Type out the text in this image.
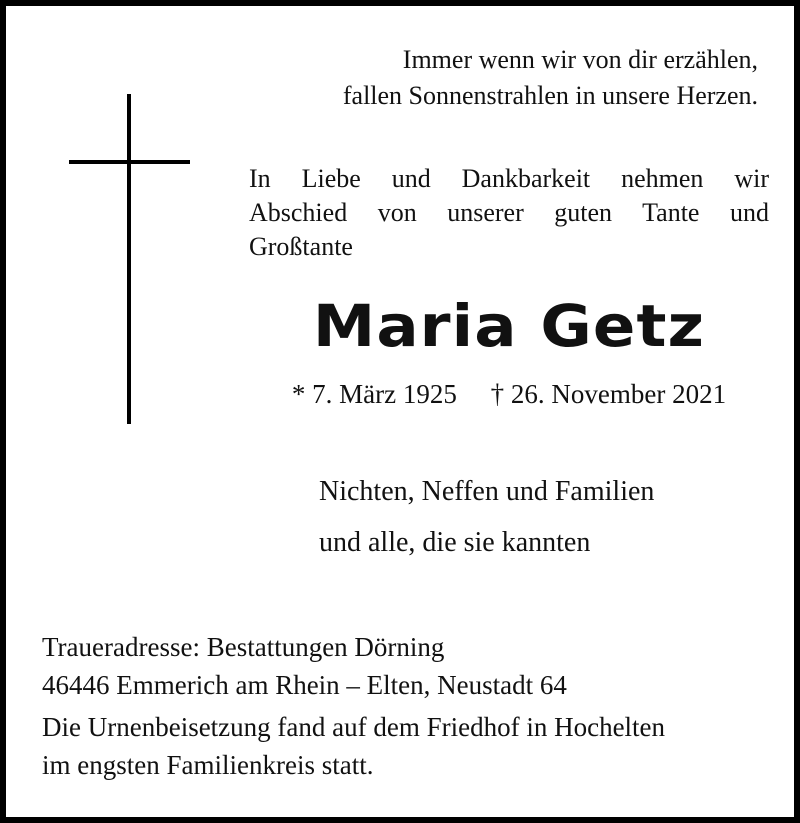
Immer wenn wir von dir erzählen,
fallen Sonnenstrahlen in unsere Herzen.
In Liebe und Dankbarkeit nehmen wir
Abschied von unserer guten Tante und
Großtante
Maria Getz
* 7. März 1925     † 26. November 2021
Nichten, Neffen und Familien
und alle, die sie kannten
Traueradresse: Bestattungen Dörning
46446 Emmerich am Rhein – Elten, Neustadt 64
Die Urnenbeisetzung fand auf dem Friedhof in Hochelten
im engsten Familienkreis statt.
